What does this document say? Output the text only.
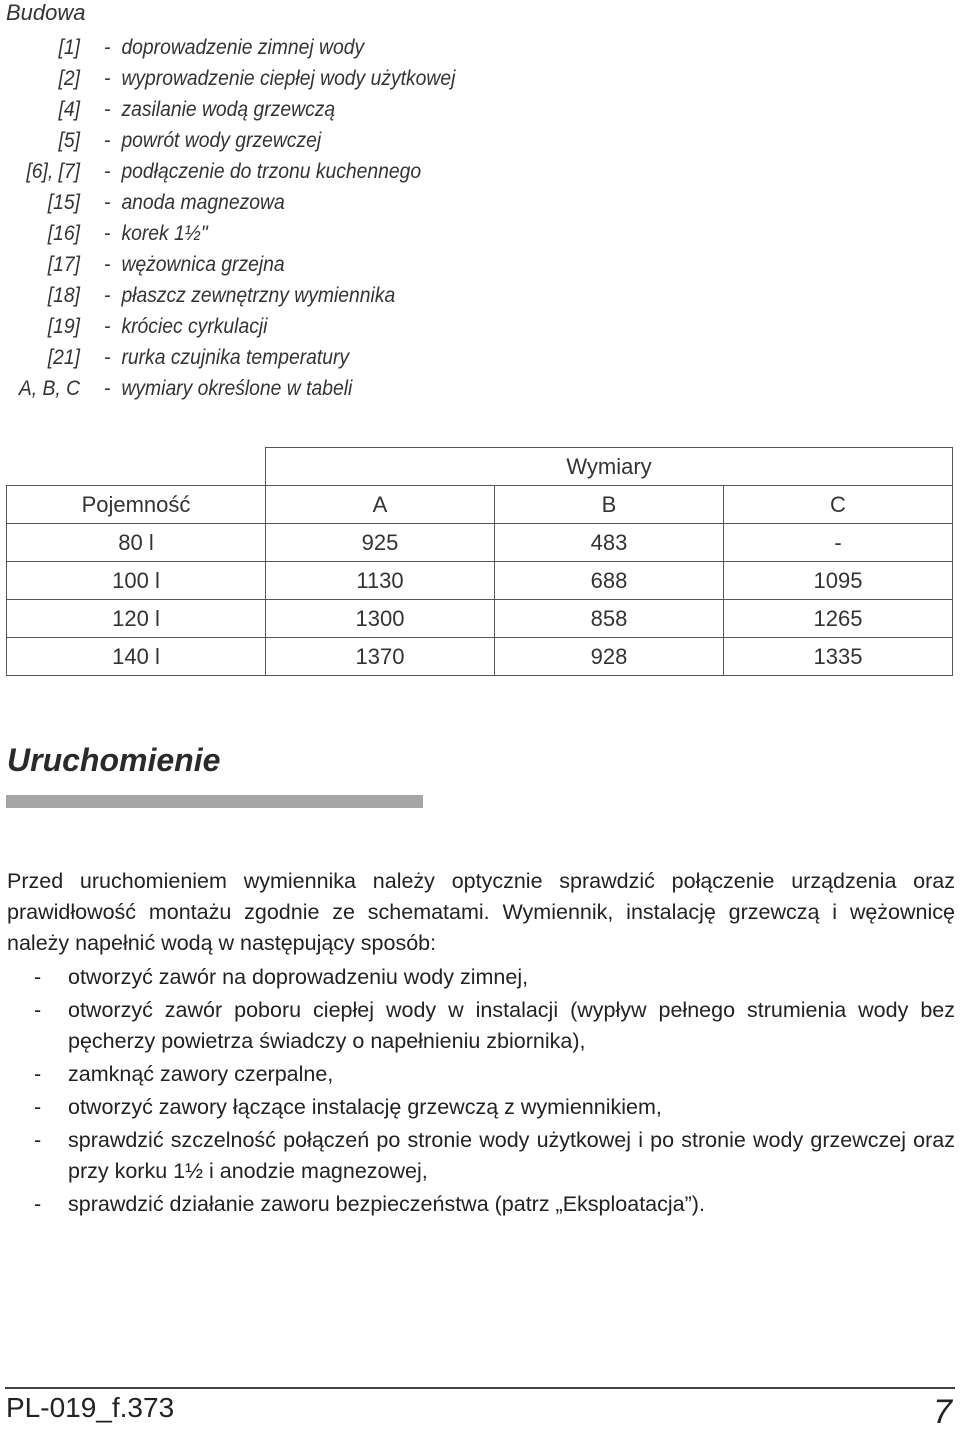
Budowa
[1] - doprowadzenie zimnej wody
[2] - wyprowadzenie ciepłej wody użytkowej
[4] - zasilanie wodą grzewczą
[5] - powrót wody grzewczej
[6], [7] - podłączenie do trzonu kuchennego
[15] - anoda magnezowa
[16] - korek 1½"
[17] - wężownica grzejna
[18] - płaszcz zewnętrzny wymiennika
[19] - króciec cyrkulacji
[21] - rurka czujnika temperatury
A, B, C - wymiary określone w tabeli
	Wymiary		
Pojemność	A	B	C
80 l	925	483	-
100 l	1130	688	1095
120 l	1300	858	1265
140 l	1370	928	1335
Uruchomienie

Przed uruchomieniem wymiennika należy optycznie sprawdzić połączenie urządzenia oraz prawidłowość montażu zgodnie ze schematami. Wymiennik, instalację grzewczą i wężownicę należy napełnić wodą w następujący sposób:

- otworzyć zawór na doprowadzeniu wody zimnej,
- otworzyć zawór poboru ciepłej wody w instalacji (wypływ pełnego strumienia wody bez pęcherzy powietrza świadczy o napełnieniu zbiornika),
- zamknąć zawory czerpalne,
- otworzyć zawory łączące instalację grzewczą z wymiennikiem,
- sprawdzić szczelność połączeń po stronie wody użytkowej i po stronie wody grzewczej oraz przy korku 1½ i anodzie magnezowej,
- sprawdzić działanie zaworu bezpieczeństwa (patrz „Eksploatacja”).
PL-019_f.373	7
